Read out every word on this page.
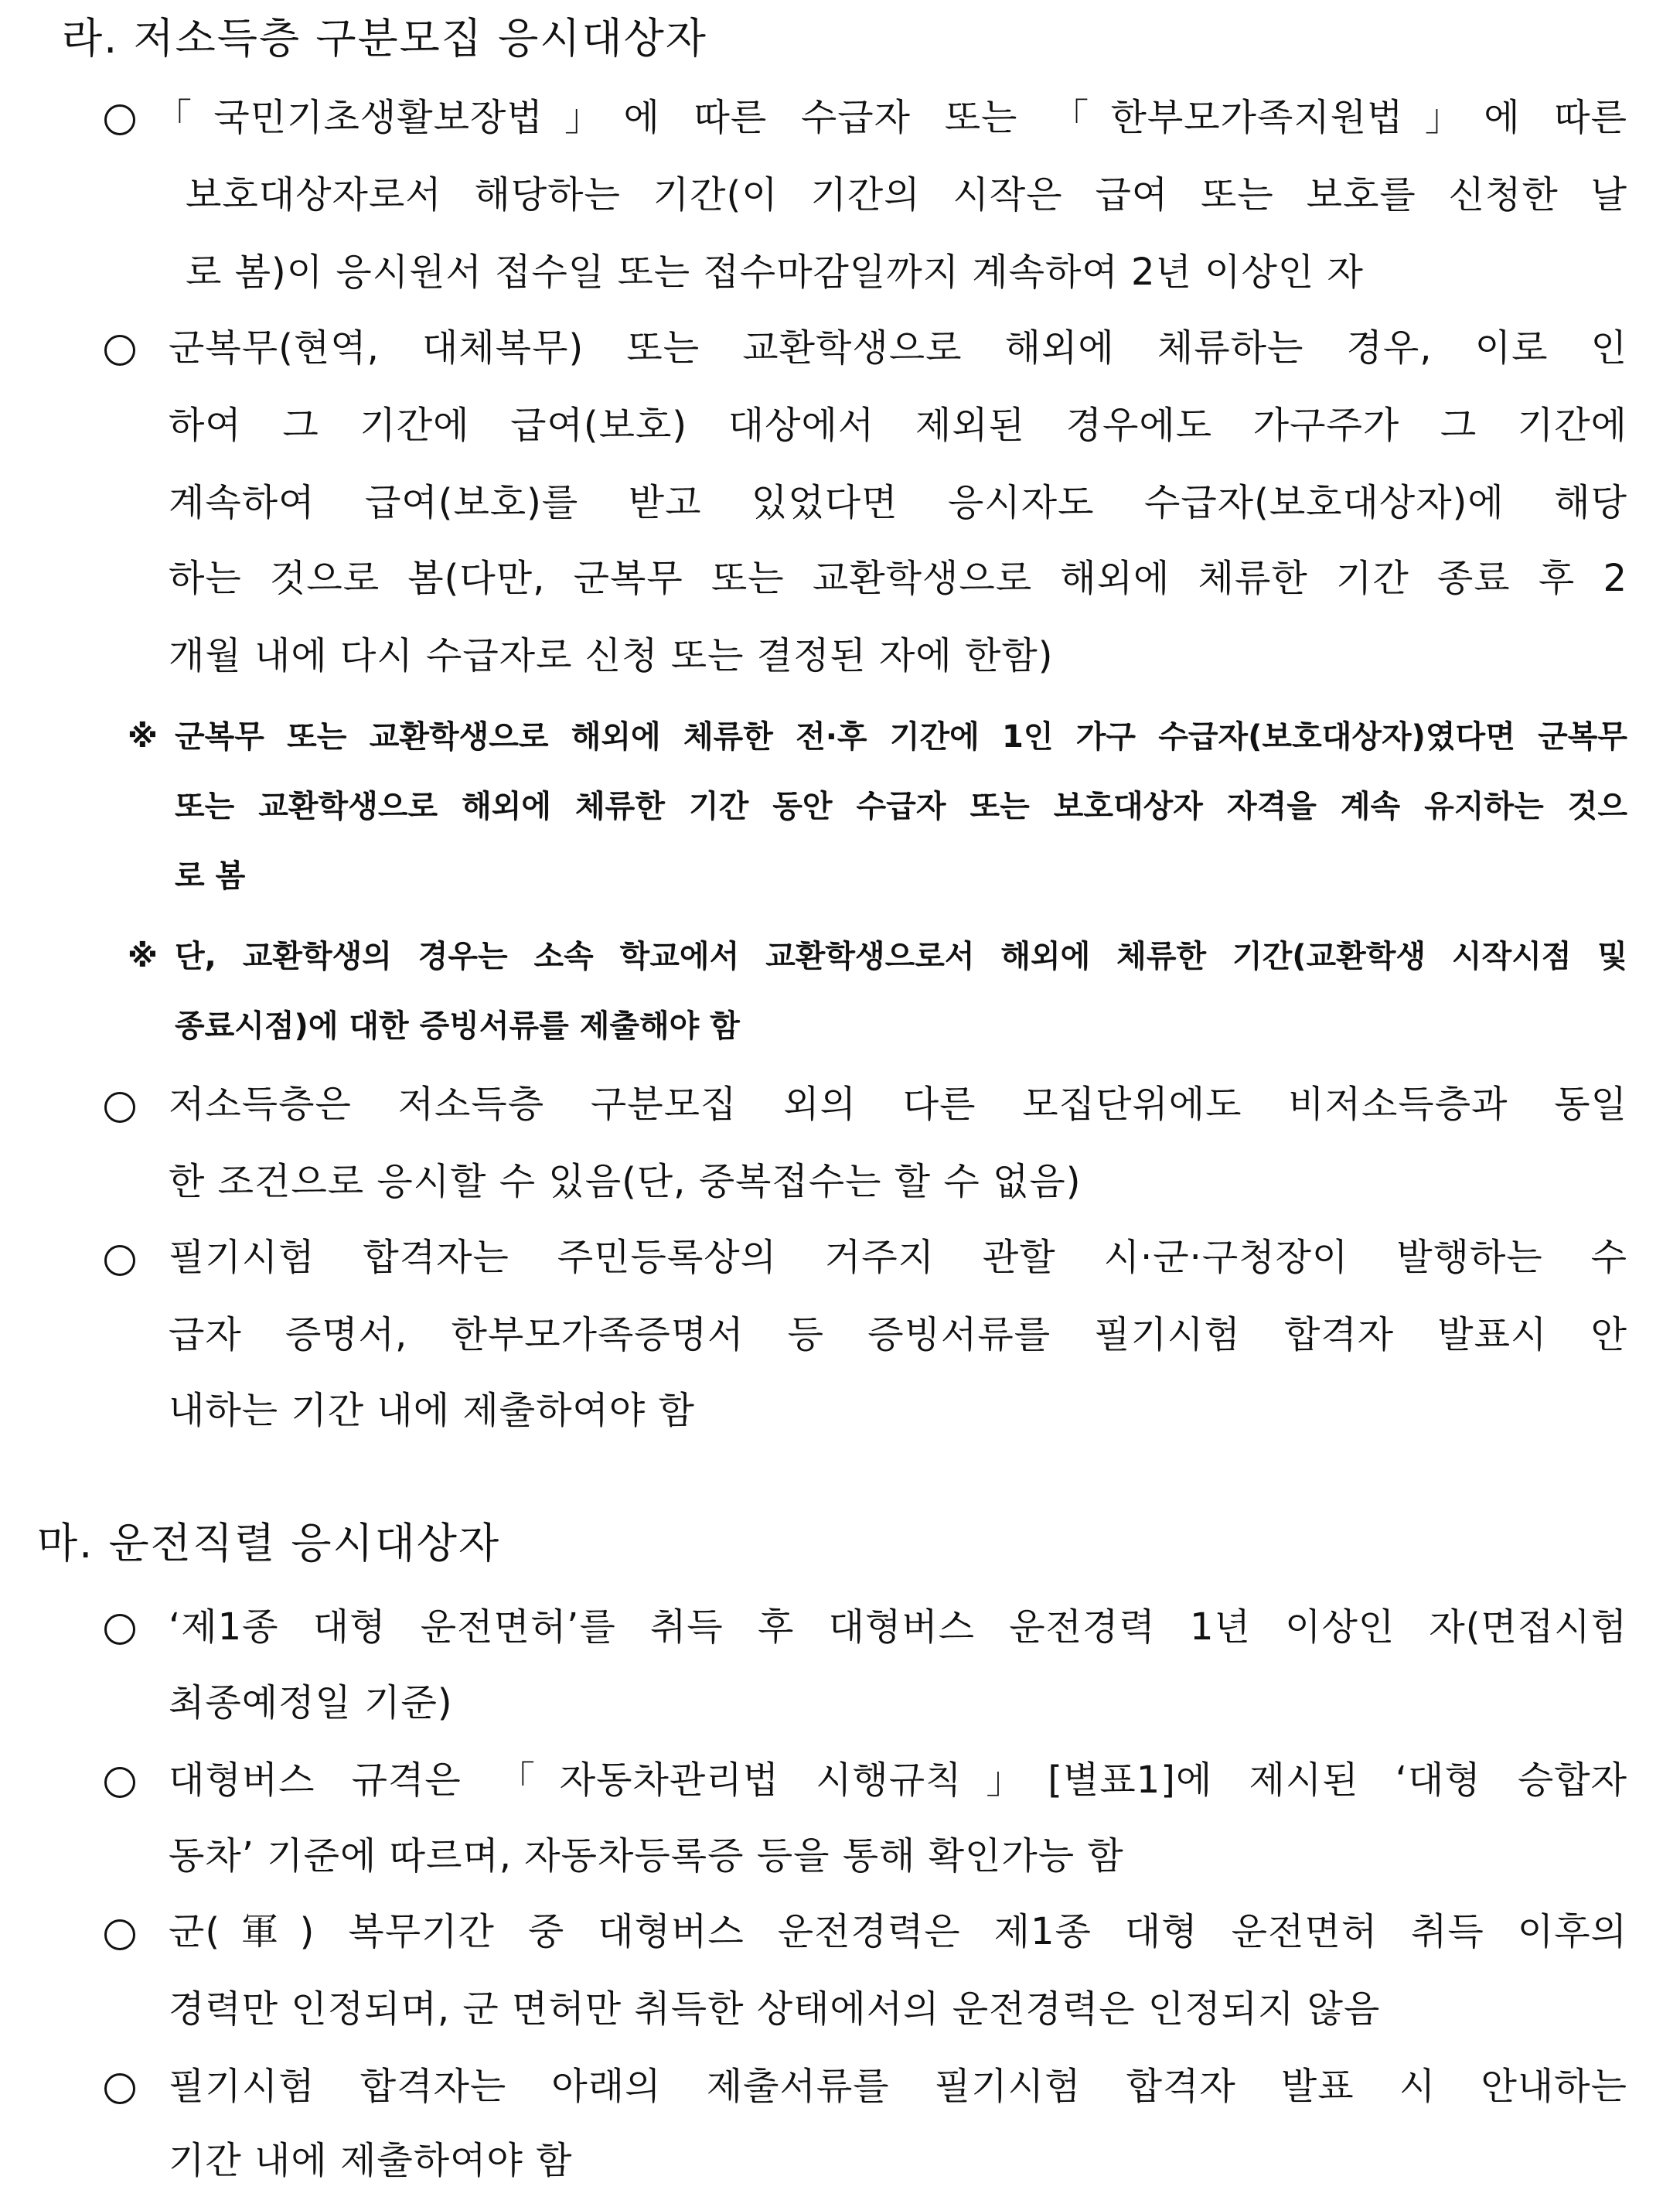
라. 저소득층 구분모집 응시대상자
「국민기초생활보장법」에 따른 수급자 또는 「한부모가족지원법」에 따른
보호대상자로서 해당하는 기간(이 기간의 시작은 급여 또는 보호를 신청한 날
로 봄)이 응시원서 접수일 또는 접수마감일까지 계속하여 2년 이상인 자
군복무(현역, 대체복무) 또는 교환학생으로 해외에 체류하는 경우, 이로 인
하여 그 기간에 급여(보호) 대상에서 제외된 경우에도 가구주가 그 기간에
계속하여 급여(보호)를 받고 있었다면 응시자도 수급자(보호대상자)에 해당
하는 것으로 봄(다만, 군복무 또는 교환학생으로 해외에 체류한 기간 종료 후 2
개월 내에 다시 수급자로 신청 또는 결정된 자에 한함)
※ 군복무 또는 교환학생으로 해외에 체류한 전·후 기간에 1인 가구 수급자(보호대상자)였다면 군복무
또는 교환학생으로 해외에 체류한 기간 동안 수급자 또는 보호대상자 자격을 계속 유지하는 것으
로 봄
※ 단, 교환학생의 경우는 소속 학교에서 교환학생으로서 해외에 체류한 기간(교환학생 시작시점 및
종료시점)에 대한 증빙서류를 제출해야 함
저소득층은 저소득층 구분모집 외의 다른 모집단위에도 비저소득층과 동일
한 조건으로 응시할 수 있음(단, 중복접수는 할 수 없음)
필기시험 합격자는 주민등록상의 거주지 관할 시·군·구청장이 발행하는 수
급자 증명서, 한부모가족증명서 등 증빙서류를 필기시험 합격자 발표시 안
내하는 기간 내에 제출하여야 함
마. 운전직렬 응시대상자
‘제1종 대형 운전면허’를 취득 후 대형버스 운전경력 1년 이상인 자(면접시험
최종예정일 기준)
대형버스 규격은 「자동차관리법 시행규칙」[별표1]에 제시된 ‘대형 승합자
동차’ 기준에 따르며, 자동차등록증 등을 통해 확인가능 함
군(軍) 복무기간 중 대형버스 운전경력은 제1종 대형 운전면허 취득 이후의
경력만 인정되며, 군 면허만 취득한 상태에서의 운전경력은 인정되지 않음
필기시험 합격자는 아래의 제출서류를 필기시험 합격자 발표 시 안내하는
기간 내에 제출하여야 함
